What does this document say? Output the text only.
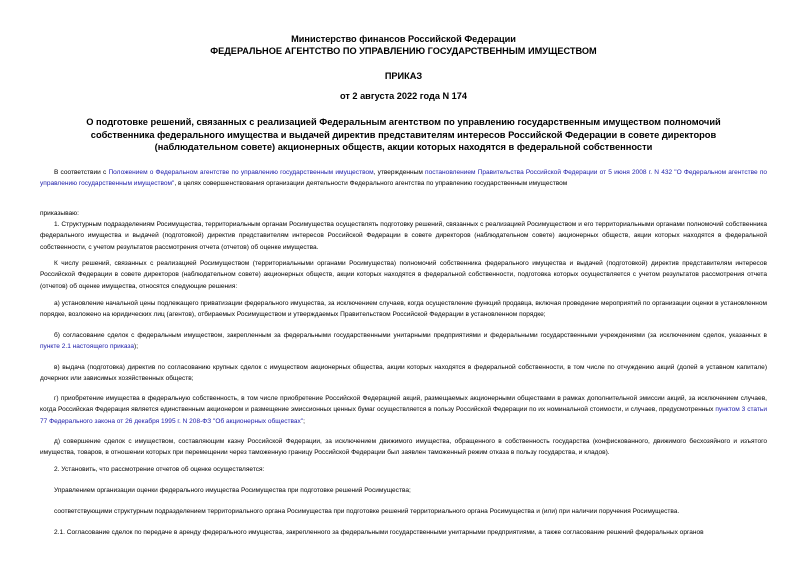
Министерство финансов Российской Федерации
ФЕДЕРАЛЬНОЕ АГЕНТСТВО ПО УПРАВЛЕНИЮ ГОСУДАРСТВЕННЫМ ИМУЩЕСТВОМ
ПРИКАЗ
от 2 августа 2022 года N 174
О подготовке решений, связанных с реализацией Федеральным агентством по управлению государственным имуществом полномочий собственника федерального имущества и выдачей директив представителям интересов Российской Федерации в совете директоров (наблюдательном совете) акционерных обществ, акции которых находятся в федеральной собственности
В соответствии с Положением о Федеральном агентстве по управлению государственным имуществом, утвержденным постановлением Правительства Российской Федерации от 5 июня 2008 г. N 432 "О Федеральном агентстве по управлению государственным имуществом", в целях совершенствования организации деятельности Федерального агентства по управлению государственным имуществом
приказываю:
1. Структурным подразделениям Росимущества, территориальным органам Росимущества осуществлять подготовку решений, связанных с реализацией Росимуществом и его территориальными органами полномочий собственника федерального имущества и выдачей (подготовкой) директив представителям интересов Российской Федерации в совете директоров (наблюдательном совете) акционерных обществ, акции которых находятся в федеральной собственности, с учетом результатов рассмотрения отчета (отчетов) об оценке имущества.
К числу решений, связанных с реализацией Росимуществом (территориальными органами Росимущества) полномочий собственника федерального имущества и выдачей (подготовкой) директив представителям интересов Российской Федерации в совете директоров (наблюдательном совете) акционерных обществ, акции которых находятся в федеральной собственности, подготовка которых осуществляется с учетом результатов рассмотрения отчета (отчетов) об оценке имущества, относятся следующие решения:
а) установление начальной цены подлежащего приватизации федерального имущества, за исключением случаев, когда осуществление функций продавца, включая проведение мероприятий по организации оценки в установленном порядке, возложено на юридических лиц (агентов), отбираемых Росимуществом и утверждаемых Правительством Российской Федерации в установленном порядке;
б) согласование сделок с федеральным имуществом, закрепленным за федеральными государственными унитарными предприятиями и федеральными государственными учреждениями (за исключением сделок, указанных в пункте 2.1 настоящего приказа);
в) выдача (подготовка) директив по согласованию крупных сделок с имуществом акционерных общества, акции которых находятся в федеральной собственности, в том числе по отчуждению акций (долей в уставном капитале) дочерних или зависимых хозяйственных обществ;
г) приобретение имущества в федеральную собственность, в том числе приобретение Российской Федерацией акций, размещаемых акционерными обществами в рамках дополнительной эмиссии акций, за исключением случаев, когда Российская Федерация является единственным акционером и размещение эмиссионных ценных бумаг осуществляется в пользу Российской Федерации по их номинальной стоимости, и случаев, предусмотренных пунктом 3 статьи 77 Федерального закона от 26 декабря 1995 г. N 208-ФЗ "Об акционерных обществах";
д) совершение сделок с имуществом, составляющим казну Российской Федерации, за исключением движимого имущества, обращенного в собственность государства (конфискованного, движимого бесхозяйного и изъятого имущества, товаров, в отношении которых при перемещении через таможенную границу Российской Федерации был заявлен таможенный режим отказа в пользу государства, и кладов).
2. Установить, что рассмотрение отчетов об оценке осуществляется:
Управлением организации оценки федерального имущества Росимущества при подготовке решений Росимущества;
соответствующими структурным подразделением территориального органа Росимущества при подготовке решений территориального органа Росимущества и (или) при наличии поручения Росимущества.
2.1. Согласование сделок по передаче в аренду федерального имущества, закрепленного за федеральными государственными унитарными предприятиями, а также согласование решений федеральных органов
